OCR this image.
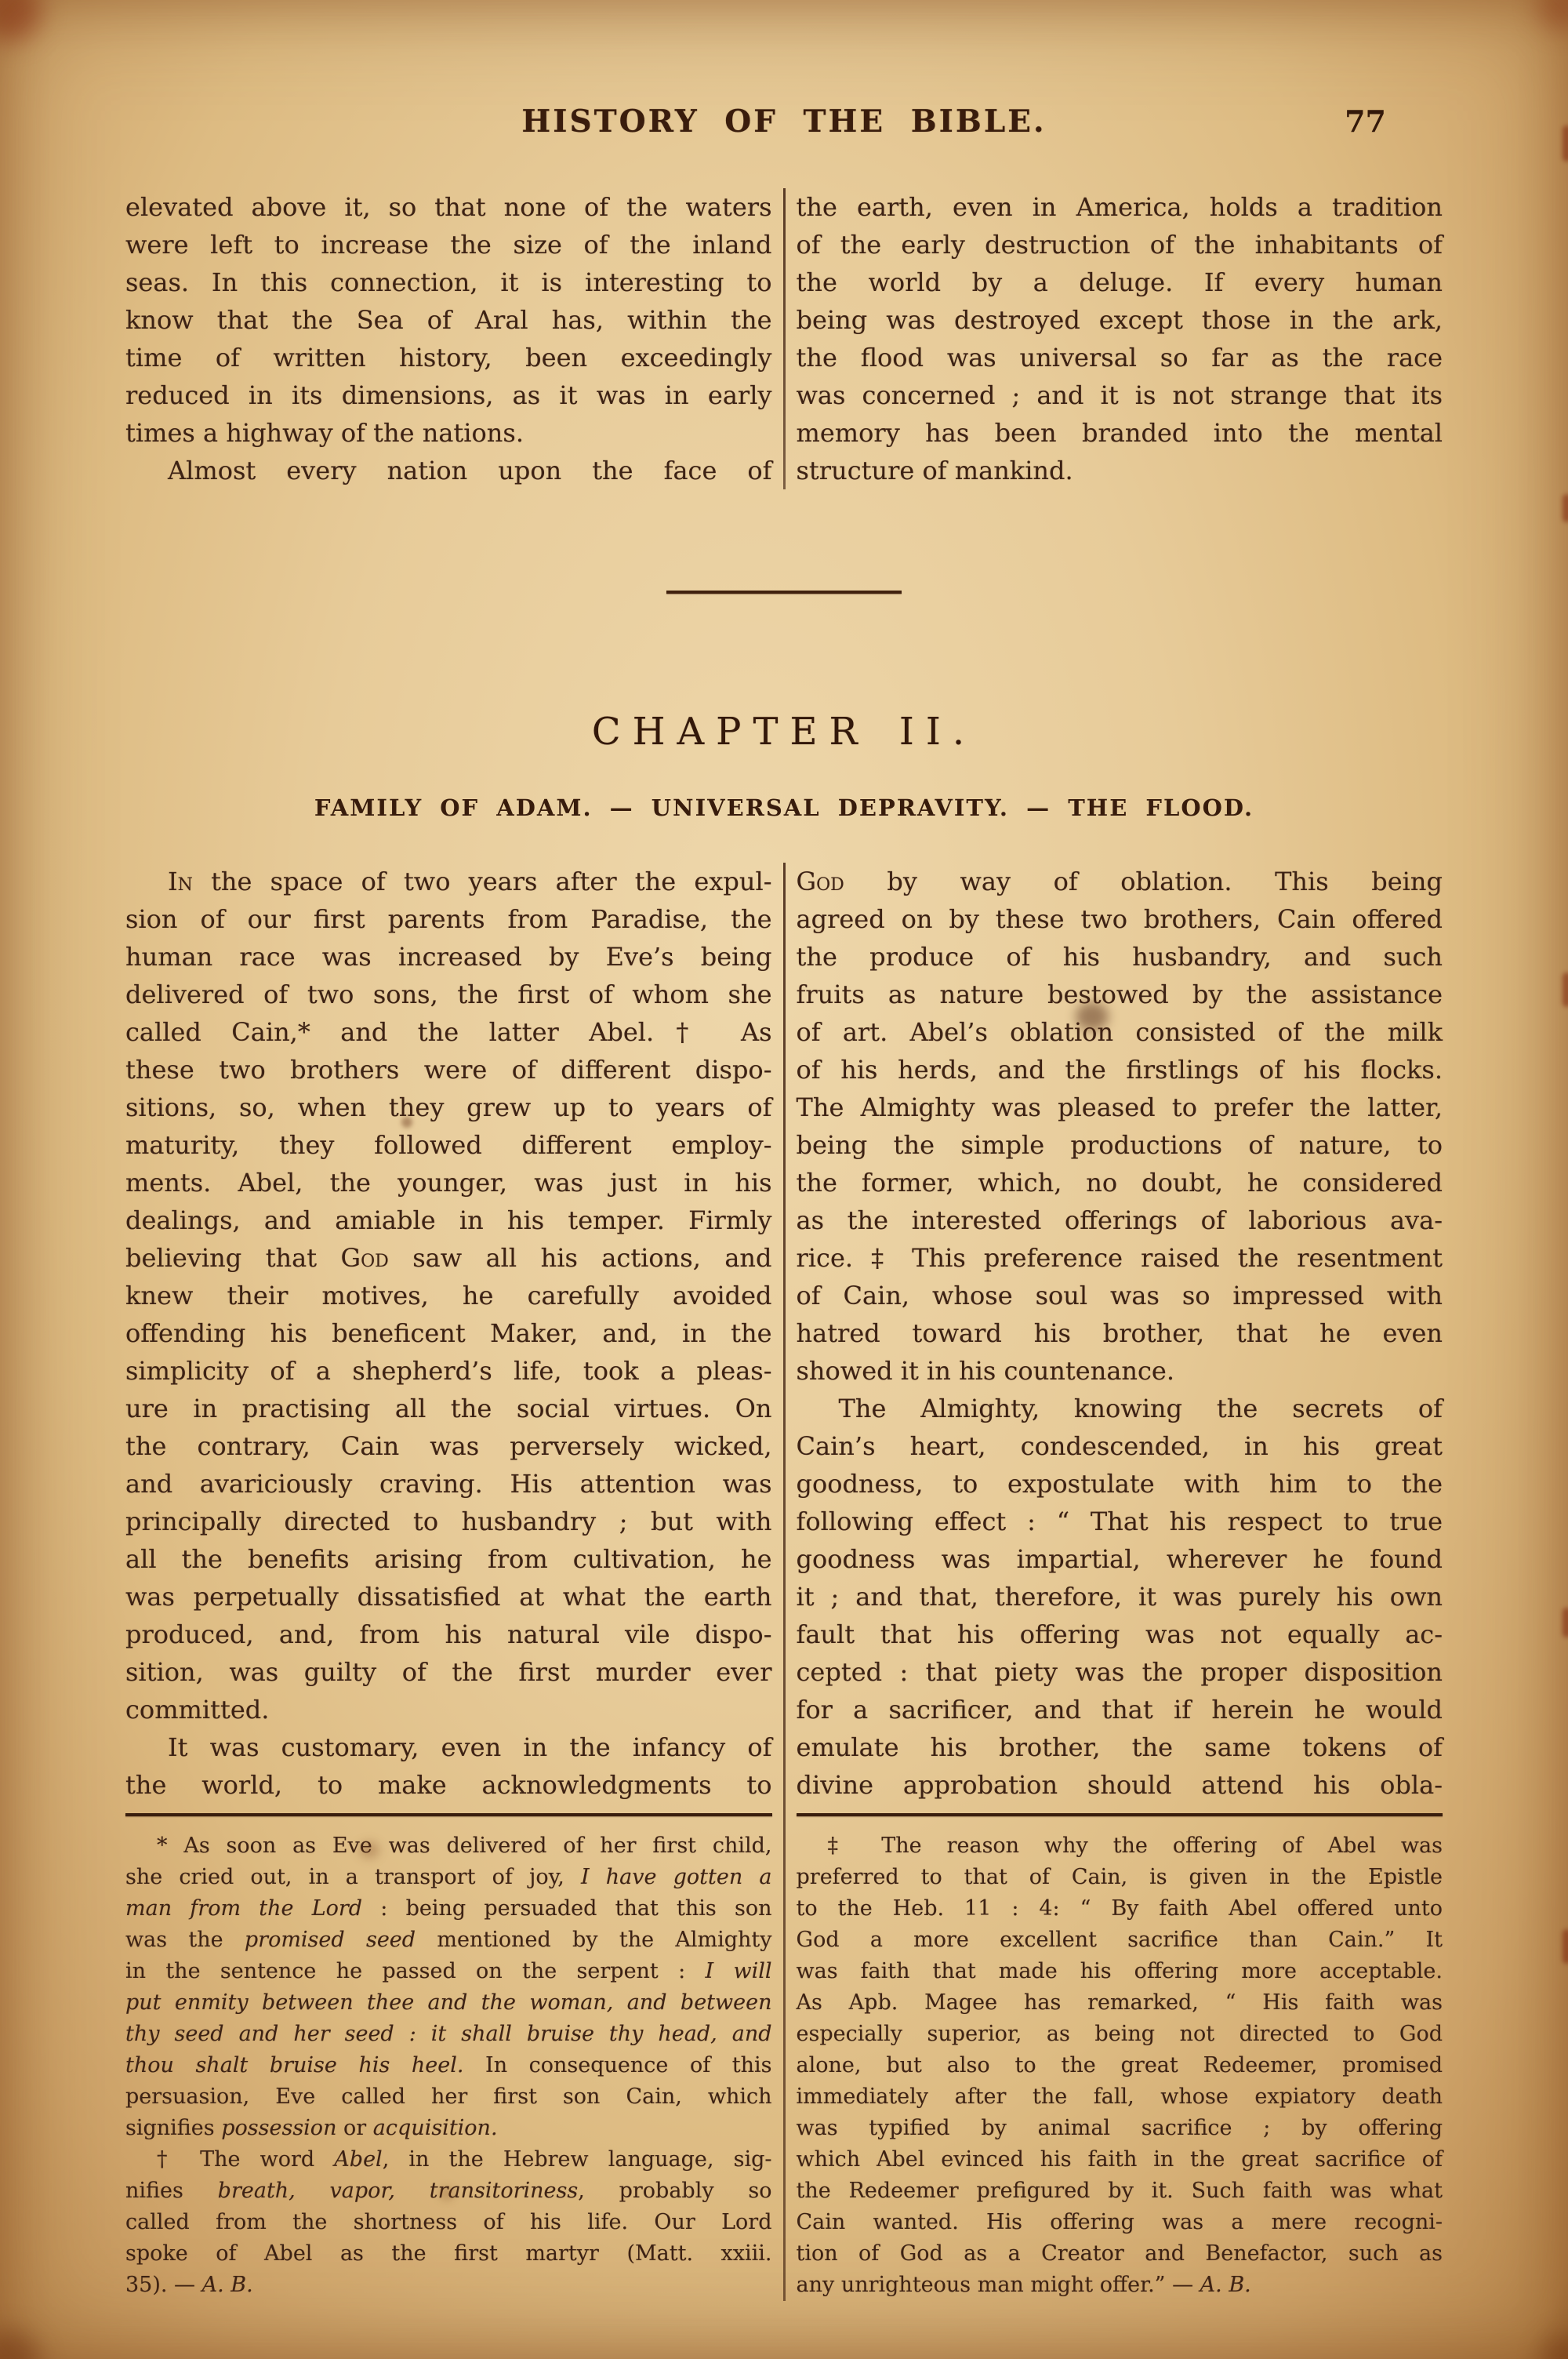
HISTORY OF THE BIBLE.	77
elevated above it, so that none of the waters
were left to increase the size of the inland
seas. In this connection, it is interesting to
know that the Sea of Aral has, within the
time of written history, been exceedingly
reduced in its dimensions, as it was in early
times a highway of the nations.
Almost every nation upon the face of
the earth, even in America, holds a tradition
of the early destruction of the inhabitants of
the world by a deluge. If every human
being was destroyed except those in the ark,
the flood was universal so far as the race
was concerned ; and it is not strange that its
memory has been branded into the mental
structure of mankind.
CHAPTER II.
FAMILY OF ADAM. — UNIVERSAL DEPRAVITY. — THE FLOOD.
In the space of two years after the expul-
sion of our first parents from Paradise, the
human race was increased by Eve’s being
delivered of two sons, the first of whom she
called Cain,* and the latter Abel.† As
these two brothers were of different dispo-
sitions, so, when they grew up to years of
maturity, they followed different employ-
ments. Abel, the younger, was just in his
dealings, and amiable in his temper. Firmly
believing that God saw all his actions, and
knew their motives, he carefully avoided
offending his beneficent Maker, and, in the
simplicity of a shepherd’s life, took a pleas-
ure in practising all the social virtues. On
the contrary, Cain was perversely wicked,
and avariciously craving. His attention was
principally directed to husbandry ; but with
all the benefits arising from cultivation, he
was perpetually dissatisfied at what the earth
produced, and, from his natural vile dispo-
sition, was guilty of the first murder ever
committed.
It was customary, even in the infancy of
the world, to make acknowledgments to
* As soon as Eve was delivered of her first child,
she cried out, in a transport of joy, I have gotten a
man from the Lord : being persuaded that this son
was the promised seed mentioned by the Almighty
in the sentence he passed on the serpent : I will
put enmity between thee and the woman, and between
thy seed and her seed : it shall bruise thy head, and
thou shalt bruise his heel. In consequence of this
persuasion, Eve called her first son Cain, which
signifies possession or acquisition.
† The word Abel, in the Hebrew language, sig-
nifies breath, vapor, transitoriness, probably so
called from the shortness of his life. Our Lord
spoke of Abel as the first martyr (Matt. xxiii.
35). — A. B.
God by way of oblation. This being
agreed on by these two brothers, Cain offered
the produce of his husbandry, and such
fruits as nature bestowed by the assistance
of art. Abel’s oblation consisted of the milk
of his herds, and the firstlings of his flocks.
The Almighty was pleased to prefer the latter,
being the simple productions of nature, to
the former, which, no doubt, he considered
as the interested offerings of laborious ava-
rice. ‡ This preference raised the resentment
of Cain, whose soul was so impressed with
hatred toward his brother, that he even
showed it in his countenance.
The Almighty, knowing the secrets of
Cain’s heart, condescended, in his great
goodness, to expostulate with him to the
following effect : “ That his respect to true
goodness was impartial, wherever he found
it ; and that, therefore, it was purely his own
fault that his offering was not equally ac-
cepted : that piety was the proper disposition
for a sacrificer, and that if herein he would
emulate his brother, the same tokens of
divine approbation should attend his obla-
‡ The reason why the offering of Abel was
preferred to that of Cain, is given in the Epistle
to the Heb. 11 : 4: “ By faith Abel offered unto
God a more excellent sacrifice than Cain.” It
was faith that made his offering more acceptable.
As Apb. Magee has remarked, “ His faith was
especially superior, as being not directed to God
alone, but also to the great Redeemer, promised
immediately after the fall, whose expiatory death
was typified by animal sacrifice ; by offering
which Abel evinced his faith in the great sacrifice of
the Redeemer prefigured by it. Such faith was what
Cain wanted. His offering was a mere recogni-
tion of God as a Creator and Benefactor, such as
any unrighteous man might offer.” — A. B.
